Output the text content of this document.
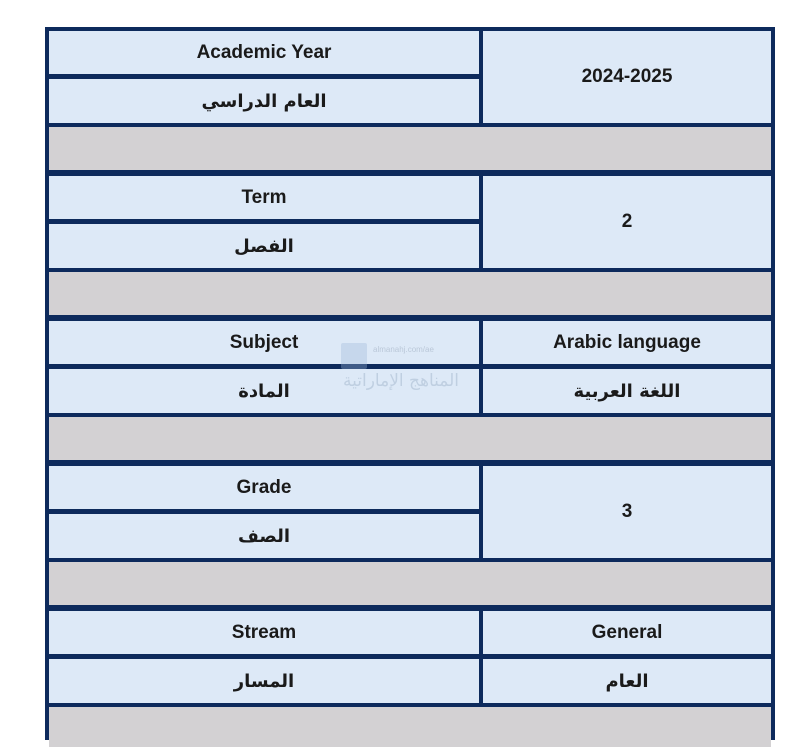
Academic Year
العام الدراسي
2024-2025
Term
الفصل
2
Subject
المادة
Arabic language
اللغة العربية
Grade
الصف
3
Stream
المسار
General
العام
almanahj.com/ae
المناهج الإماراتية
